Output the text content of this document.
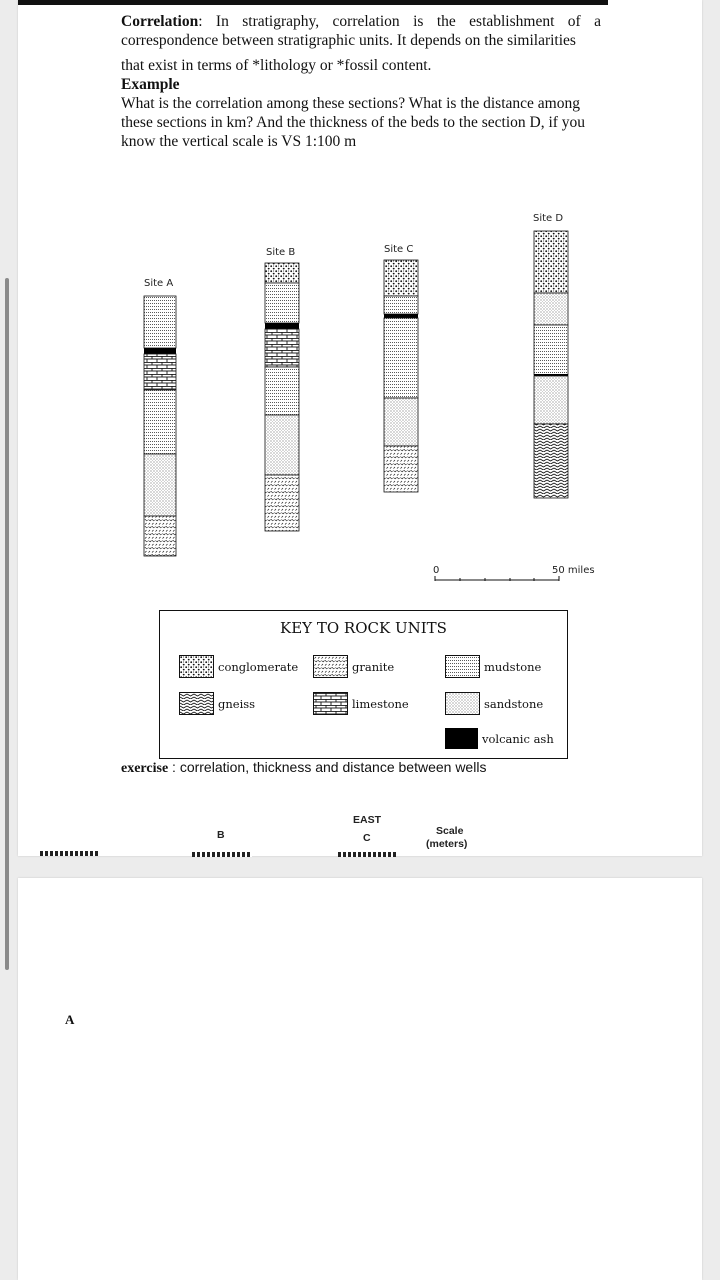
Correlation: In stratigraphy, correlation is the establishment of a correspondence between stratigraphic units. It depends on the similarities

that exist in terms of *lithology or *fossil content.

Example

What is the correlation among these sections? What is the distance among these sections in km? And the thickness of the beds to the section D, if you know the vertical scale is VS 1:100 m

Site A
Site B	Site C
Site D
0	50 miles
KEY TO ROCK UNITS
conglomerate	granite	mudstone
gneiss	limestone	sandstone
volcanic ash
exercise : correlation, thickness and distance between wells
EAST
B	C
Scale
(meters)
A
